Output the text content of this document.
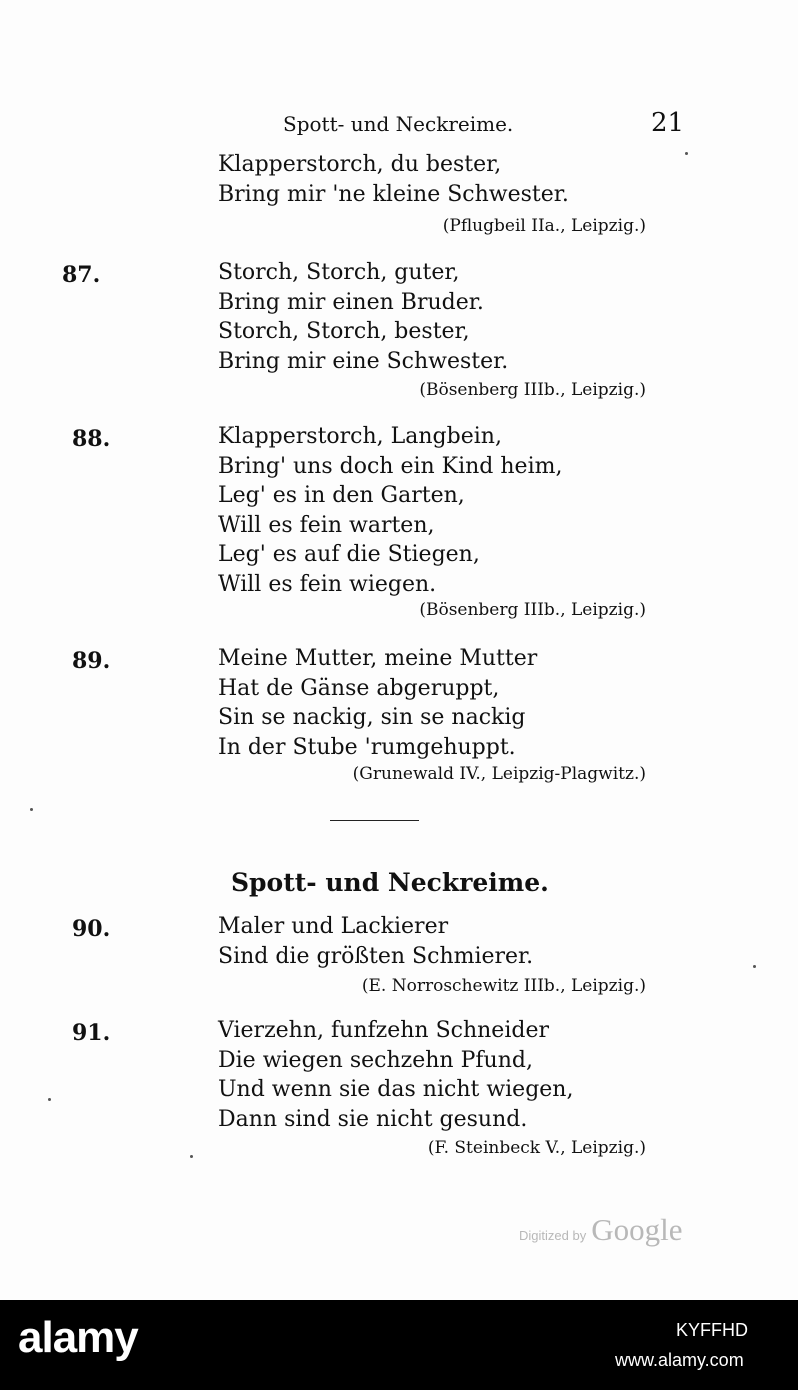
Spott- und Neckreime.	21
Klapperstorch, du bester,
Bring mir 'ne kleine Schwester.
(Pflugbeil IIa., Leipzig.)
87.	Storch, Storch, guter,
Bring mir einen Bruder.
Storch, Storch, bester,
Bring mir eine Schwester.
(Bösenberg IIIb., Leipzig.)
88.	Klapperstorch, Langbein,
Bring' uns doch ein Kind heim,
Leg' es in den Garten,
Will es fein warten,
Leg' es auf die Stiegen,
Will es fein wiegen.
(Bösenberg IIIb., Leipzig.)
89.	Meine Mutter, meine Mutter
Hat de Gänse abgeruppt,
Sin se nackig, sin se nackig
In der Stube 'rumgehuppt.
(Grunewald IV., Leipzig-Plagwitz.)
Spott- und Neckreime.
90.	Maler und Lackierer
Sind die größten Schmierer.
(E. Norroschewitz IIIb., Leipzig.)
91.	Vierzehn, funfzehn Schneider
Die wiegen sechzehn Pfund,
Und wenn sie das nicht wiegen,
Dann sind sie nicht gesund.
(F. Steinbeck V., Leipzig.)
Digitized by Google
alamy	KYFFHD
www.alamy.com
